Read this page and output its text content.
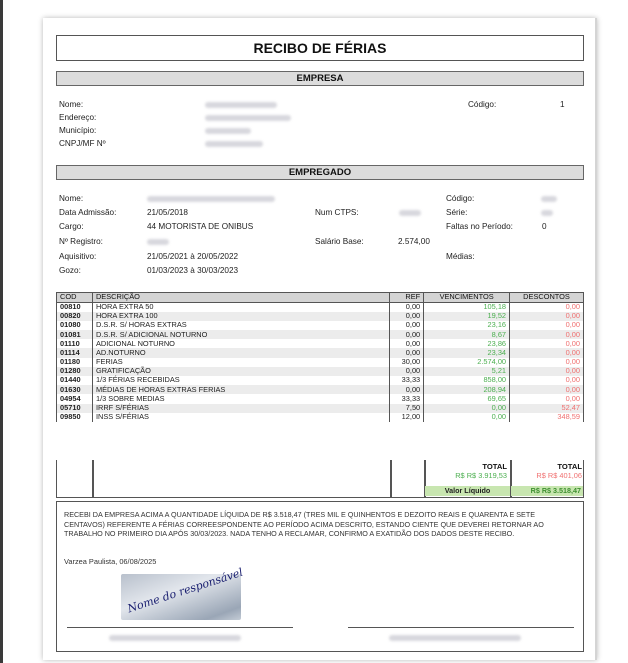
RECIBO DE FÉRIAS
EMPRESA
Nome:
Endereço:
Município:
CNPJ/MF Nº
Código:	1
EMPREGADO
Nome:
Data Admissão:	21/05/2018
Cargo:	44 MOTORISTA DE ONIBUS
Nº Registro:
Aquisitivo:	21/05/2021 à 20/05/2022
Gozo:	01/03/2023 à 30/03/2023
Num CTPS:
Salário Base:	2.574,00
Código:
Série:
Faltas no Período:	0
Médias:
COD	DESCRIÇÃO	REF	VENCIMENTOS	DESCONTOS
00810	HORA EXTRA 50	0,00	105,18	0,00
00820	HORA EXTRA 100	0,00	19,52	0,00
01080	D.S.R. S/ HORAS EXTRAS	0,00	23,16	0,00
01081	D.S.R. S/ ADICIONAL NOTURNO	0,00	8,67	0,00
01110	ADICIONAL NOTURNO	0,00	23,86	0,00
01114	AD.NOTURNO	0,00	23,34	0,00
01180	FERIAS	30,00	2.574,00	0,00
01280	GRATIFICAÇÃO	0,00	5,21	0,00
01440	1/3 FÉRIAS RECEBIDAS	33,33	858,00	0,00
01630	MÉDIAS DE HORAS EXTRAS FERIAS	0,00	208,94	0,00
04954	1/3 SOBRE MEDIAS	33,33	69,65	0,00
05710	IRRF S/FÉRIAS	7,50	0,00	52,47
09850	INSS S/FÉRIAS	12,00	0,00	348,59
TOTAL
R$ R$ 3.919,53
TOTAL
R$ R$ 401,06
Valor Líquido	R$ R$ 3.518,47
RECEBI DA EMPRESA ACIMA A QUANTIDADE LÍQUIDA DE R$ 3.518,47 (TRES MIL E QUINHENTOS E DEZOITO REAIS E QUARENTA E SETE CENTAVOS) REFERENTE A FÉRIAS CORREESPONDENTE AO PERÍODO ACIMA DESCRITO, ESTANDO CIENTE QUE DEVEREI RETORNAR AO TRABALHO NO PRIMEIRO DIA APÓS 30/03/2023. NADA TENHO A RECLAMAR, CONFIRMO A EXATIDÃO DOS DADOS DESTE RECIBO.
Varzea Paulista, 06/08/2025
Nome do responsável
